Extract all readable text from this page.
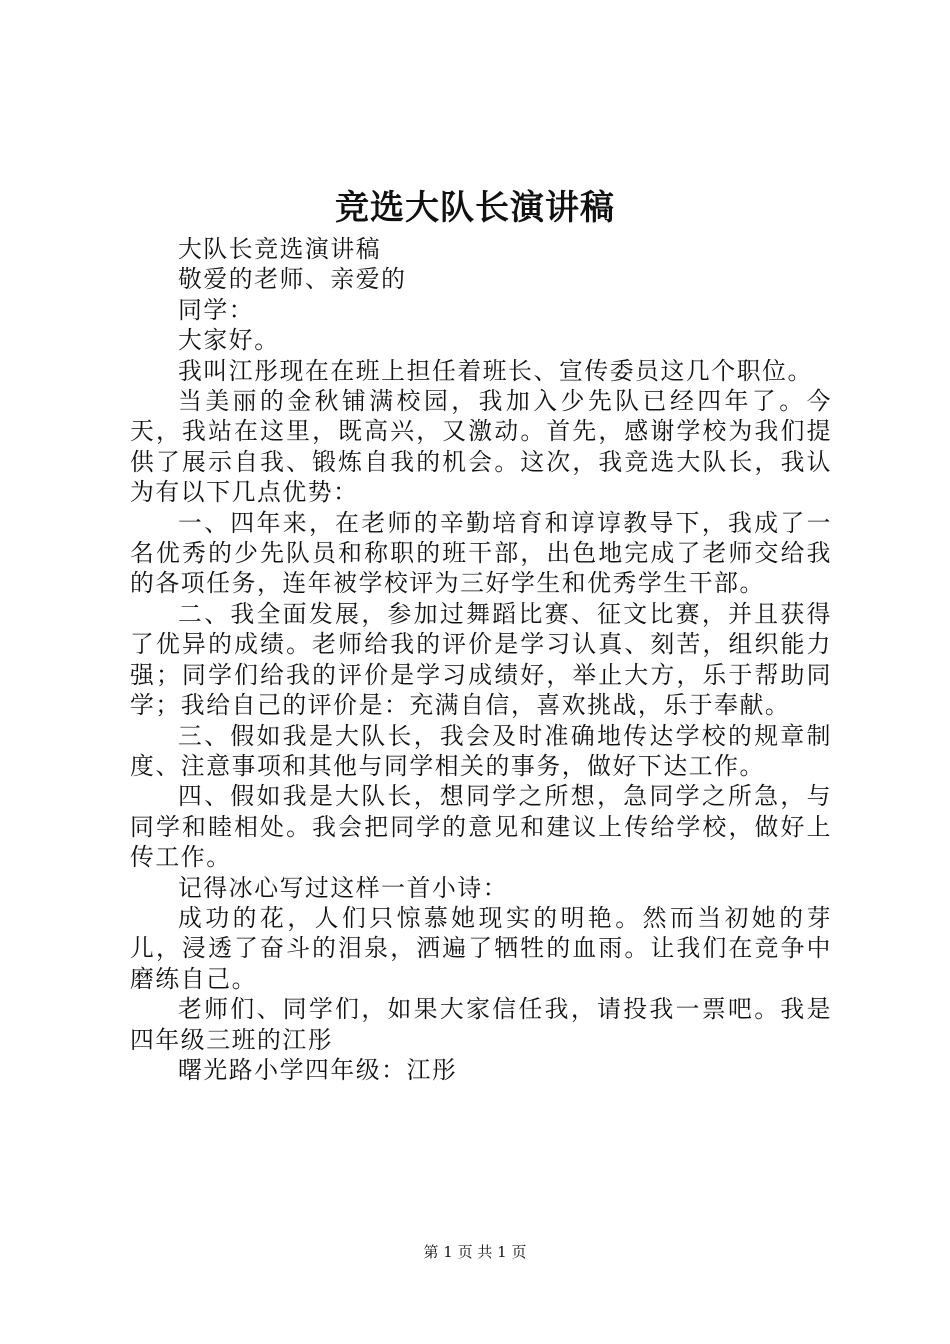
竞选大队长演讲稿

大队长竞选演讲稿

敬爱的老师、亲爱的

同学：

大家好。

我叫江彤现在在班上担任着班长、宣传委员这几个职位。

当美丽的金秋铺满校园，我加入少先队已经四年了。今天，我站在这里，既高兴，又激动。首先，感谢学校为我们提供了展示自我、锻炼自我的机会。这次，我竞选大队长，我认为有以下几点优势：

一、四年来，在老师的辛勤培育和谆谆教导下，我成了一名优秀的少先队员和称职的班干部，出色地完成了老师交给我的各项任务，连年被学校评为三好学生和优秀学生干部。

二、我全面发展，参加过舞蹈比赛、征文比赛，并且获得了优异的成绩。老师给我的评价是学习认真、刻苦，组织能力强；同学们给我的评价是学习成绩好，举止大方，乐于帮助同学；我给自己的评价是：充满自信，喜欢挑战，乐于奉献。

三、假如我是大队长，我会及时准确地传达学校的规章制度、注意事项和其他与同学相关的事务，做好下达工作。

四、假如我是大队长，想同学之所想，急同学之所急，与同学和睦相处。我会把同学的意见和建议上传给学校，做好上传工作。

记得冰心写过这样一首小诗：

成功的花，人们只惊慕她现实的明艳。然而当初她的芽儿，浸透了奋斗的泪泉，洒遍了牺牲的血雨。让我们在竞争中磨练自己。

老师们、同学们，如果大家信任我，请投我一票吧。我是四年级三班的江彤

曙光路小学四年级：江彤

第 1 页 共 1 页
